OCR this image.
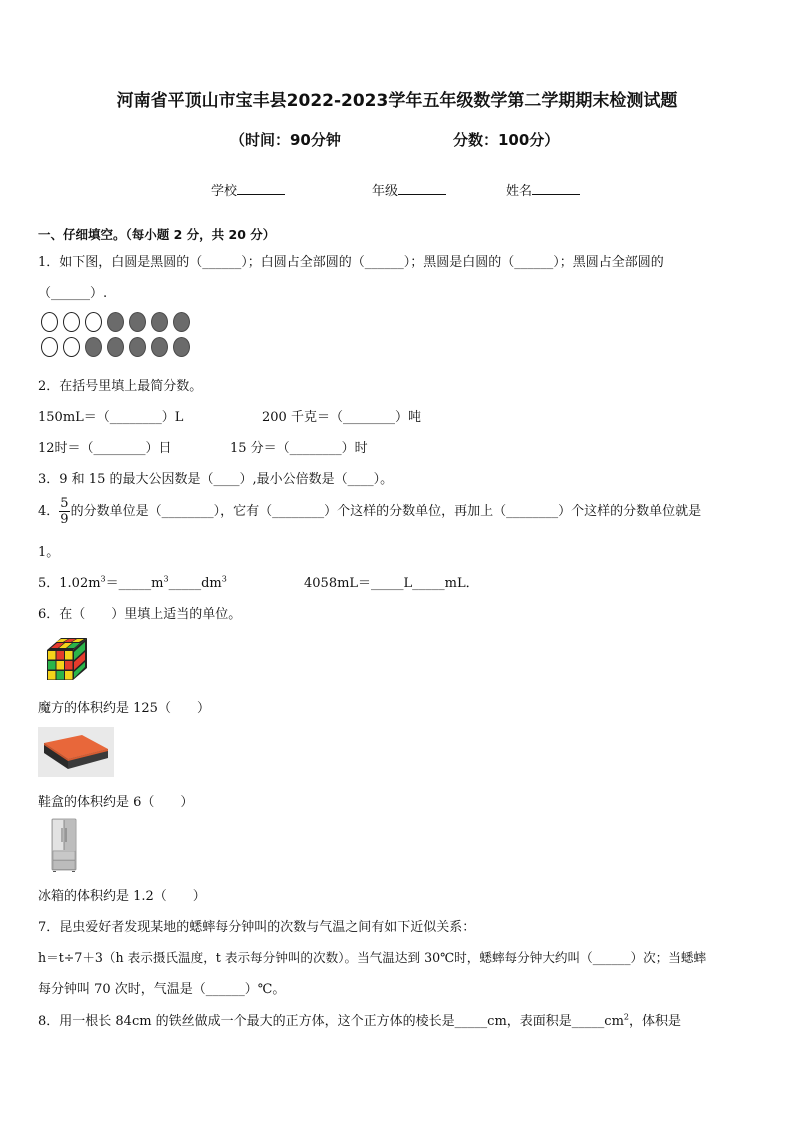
河南省平顶山市宝丰县2022-2023学年五年级数学第二学期期末检测试题
（时间：90分钟	分数：100分）
学校	年级	姓名
一、仔细填空。（每小题 2 分，共 20 分）
1．如下图，白圆是黑圆的（______）；白圆占全部圆的（______）；黑圆是白圆的（______）；黑圆占全部圆的
（______）.
2．在括号里填上最简分数。
150mL＝（________）L	200 千克＝（________）吨
12时＝（________）日	15 分＝（________）时
3．9 和 15 的最大公因数是（____）,最小公倍数是（____）。
4． $\frac{5}{9}$ 的分数单位是（________），它有（________）个这样的分数单位，再加上（________）个这样的分数单位就是
1。
5．$1.02m^3=\_\_\_\_\_m^3\_\_\_\_\_dm^3$	4058mL＝_____L_____mL．
6．在（　　）里填上适当的单位。
魔方的体积约是 125（　　）
鞋盒的体积约是 6（　　）
冰箱的体积约是 1.2（　　）
7．昆虫爱好者发现某地的蟋蟀每分钟叫的次数与气温之间有如下近似关系：
h＝t÷7＋3（h 表示摄氏温度，t 表示每分钟叫的次数）。当气温达到 30℃时，蟋蟀每分钟大约叫（______）次；当蟋蟀
每分钟叫 70 次时，气温是（______）℃。
8．用一根长 84cm 的铁丝做成一个最大的正方体，这个正方体的棱长是_____cm，表面积是$\_\_\_\_\_cm^2$，体积是
